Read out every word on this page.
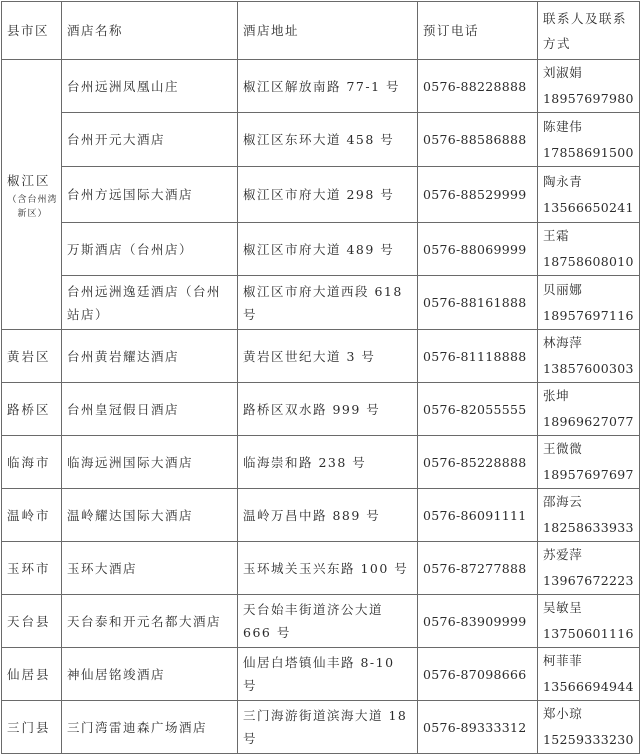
县市区	酒店名称	酒店地址	预订电话	联系人及联系方式

椒江区
（含台州湾新区）	台州远洲凤凰山庄	椒江区解放南路 77-1 号	0576-88228888	刘淑娟
18957697980
	台州开元大酒店	椒江区东环大道 458 号	0576-88586888	陈建伟
17858691500
	台州方远国际大酒店	椒江区市府大道 298 号	0576-88529999	陶永青
13566650241
	万斯酒店（台州店）	椒江区市府大道 489 号	0576-88069999	王霜
18758608010
	台州远洲逸廷酒店（台州站店）	椒江区市府大道西段 618 号	0576-88161888	贝丽娜
18957697116
黄岩区	台州黄岩耀达酒店	黄岩区世纪大道 3 号	0576-81118888	林海萍
13857600303
路桥区	台州皇冠假日酒店	路桥区双水路 999 号	0576-82055555	张坤
18969627077
临海市	临海远洲国际大酒店	临海崇和路 238 号	0576-85228888	王微微
18957697697
温岭市	温岭耀达国际大酒店	温岭万昌中路 889 号	0576-86091111	邵海云
18258633933
玉环市	玉环大酒店	玉环城关玉兴东路 100 号	0576-87277888	苏爱萍
13967672223
天台县	天台泰和开元名都大酒店	天台始丰街道济公大道 666 号	0576-83909999	吴敏呈
13750601116
仙居县	神仙居铭竣酒店	仙居白塔镇仙丰路 8-10 号	0576-87098666	柯菲菲
13566694944
三门县	三门湾雷迪森广场酒店	三门海游街道滨海大道 18 号	0576-89333312	郑小琼
15259333230
